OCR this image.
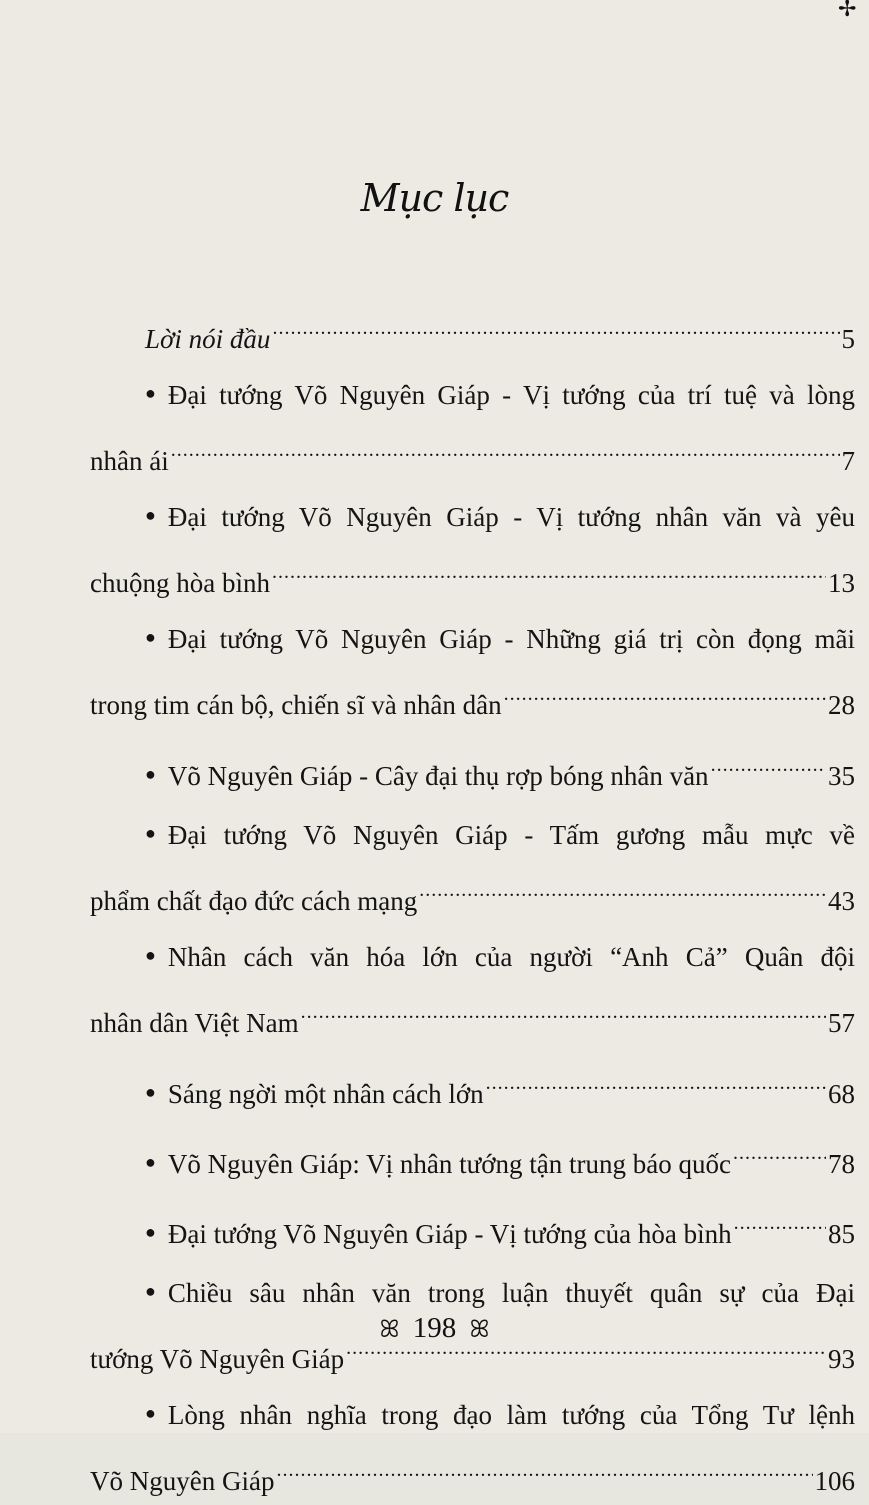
✢

Mục lục
Lời nói đầu .....	5
● Đại tướng Võ Nguyên Giáp - Vị tướng của trí tuệ và lòng
nhân ái .....	7
● Đại tướng Võ Nguyên Giáp - Vị tướng nhân văn và yêu
chuộng hòa bình .....	13
● Đại tướng Võ Nguyên Giáp - Những giá trị còn đọng mãi
trong tim cán bộ, chiến sĩ và nhân dân .....	28
● Võ Nguyên Giáp - Cây đại thụ rợp bóng nhân văn .....	35
● Đại tướng Võ Nguyên Giáp - Tấm gương mẫu mực về
phẩm chất đạo đức cách mạng .....	43
● Nhân cách văn hóa lớn của người “Anh Cả” Quân đội
nhân dân Việt Nam .....	57
● Sáng ngời một nhân cách lớn .....	68
● Võ Nguyên Giáp: Vị nhân tướng tận trung báo quốc .....	78
● Đại tướng Võ Nguyên Giáp - Vị tướng của hòa bình .....	85
● Chiều sâu nhân văn trong luận thuyết quân sự của Đại
tướng Võ Nguyên Giáp .....	93
● Lòng nhân nghĩa trong đạo làm tướng của Tổng Tư lệnh
Võ Nguyên Giáp .....	106
ꕤ 198 ꕤ
